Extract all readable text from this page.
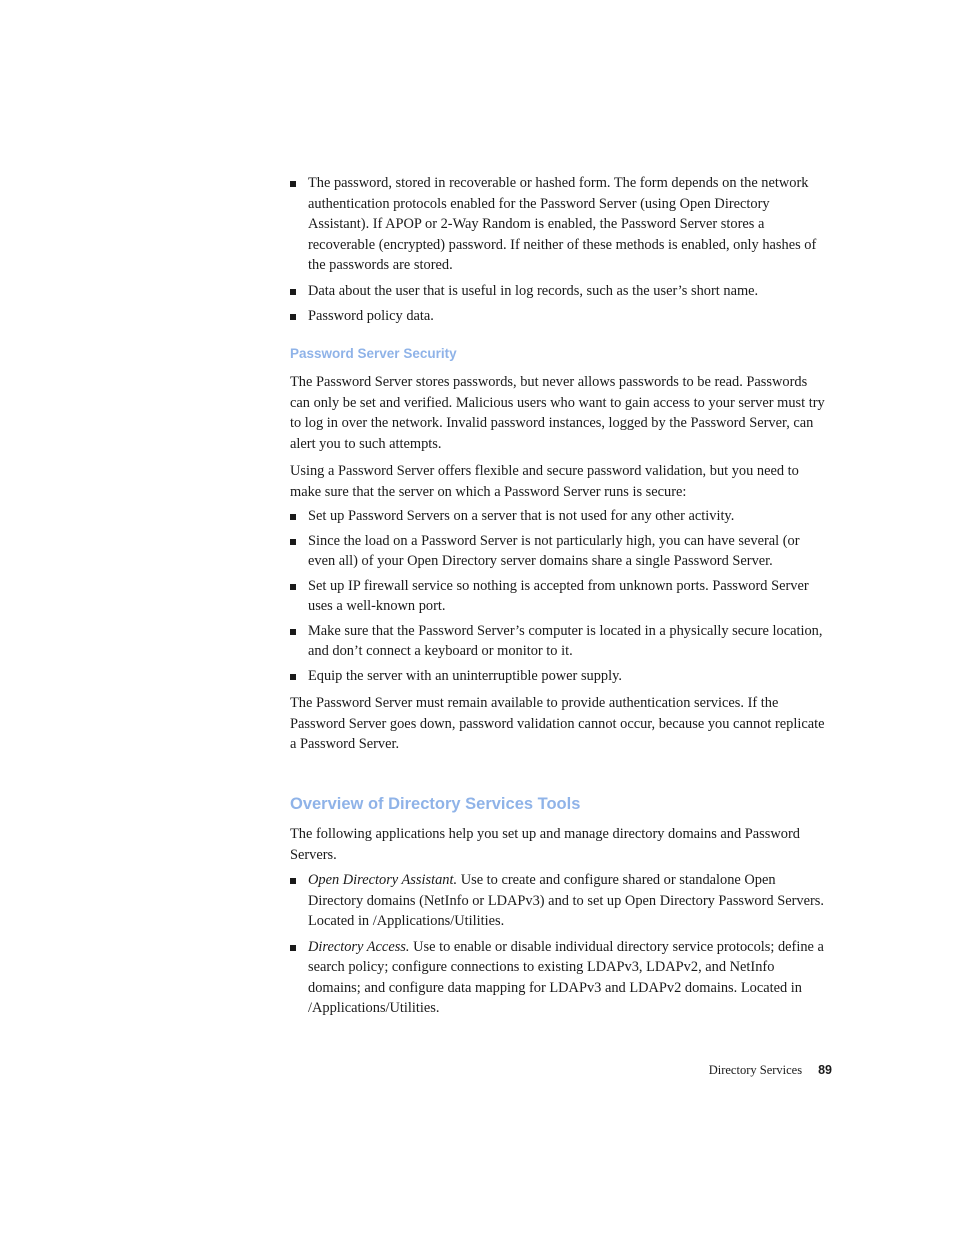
The password, stored in recoverable or hashed form. The form depends on the network authentication protocols enabled for the Password Server (using Open Directory Assistant). If APOP or 2-Way Random is enabled, the Password Server stores a recoverable (encrypted) password. If neither of these methods is enabled, only hashes of the passwords are stored.
Data about the user that is useful in log records, such as the user’s short name.
Password policy data.
Password Server Security

The Password Server stores passwords, but never allows passwords to be read. Passwords can only be set and verified. Malicious users who want to gain access to your server must try to log in over the network. Invalid password instances, logged by the Password Server, can alert you to such attempts.

Using a Password Server offers flexible and secure password validation, but you need to make sure that the server on which a Password Server runs is secure:

Set up Password Servers on a server that is not used for any other activity.
Since the load on a Password Server is not particularly high, you can have several (or even all) of your Open Directory server domains share a single Password Server.
Set up IP firewall service so nothing is accepted from unknown ports. Password Server uses a well-known port.
Make sure that the Password Server’s computer is located in a physically secure location, and don’t connect a keyboard or monitor to it.
Equip the server with an uninterruptible power supply.

The Password Server must remain available to provide authentication services. If the Password Server goes down, password validation cannot occur, because you cannot replicate a Password Server.

Overview of Directory Services Tools

The following applications help you set up and manage directory domains and Password Servers.

Open Directory Assistant. Use to create and configure shared or standalone Open Directory domains (NetInfo or LDAPv3) and to set up Open Directory Password Servers. Located in /Applications/Utilities.
Directory Access. Use to enable or disable individual directory service protocols; define a search policy; configure connections to existing LDAPv3, LDAPv2, and NetInfo domains; and configure data mapping for LDAPv3 and LDAPv2 domains. Located in /Applications/Utilities.
Directory Services 89
